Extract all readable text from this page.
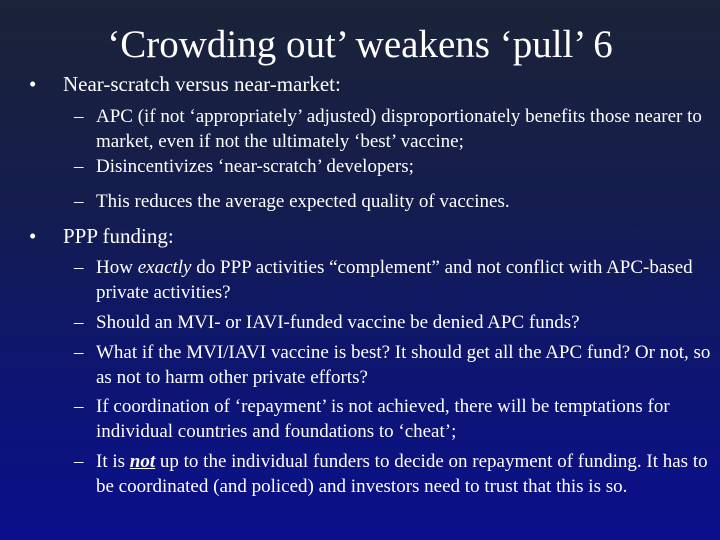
‘Crowding out’ weakens ‘pull’ 6
• Near-scratch versus near-market:
– APC (if not ‘appropriately’ adjusted) disproportionately benefits those nearer to market, even if not the ultimately ‘best’ vaccine;
– Disincentivizes ‘near-scratch’ developers;
– This reduces the average expected quality of vaccines.
• PPP funding:
– How exactly do PPP activities “complement” and not conflict with APC-based private activities?
– Should an MVI- or IAVI-funded vaccine be denied APC funds?
– What if the MVI/IAVI vaccine is best? It should get all the APC fund? Or not, so as not to harm other private efforts?
– If coordination of ‘repayment’ is not achieved, there will be temptations for individual countries and foundations to ‘cheat’;
– It is not up to the individual funders to decide on repayment of funding. It has to be coordinated (and policed) and investors need to trust that this is so.
